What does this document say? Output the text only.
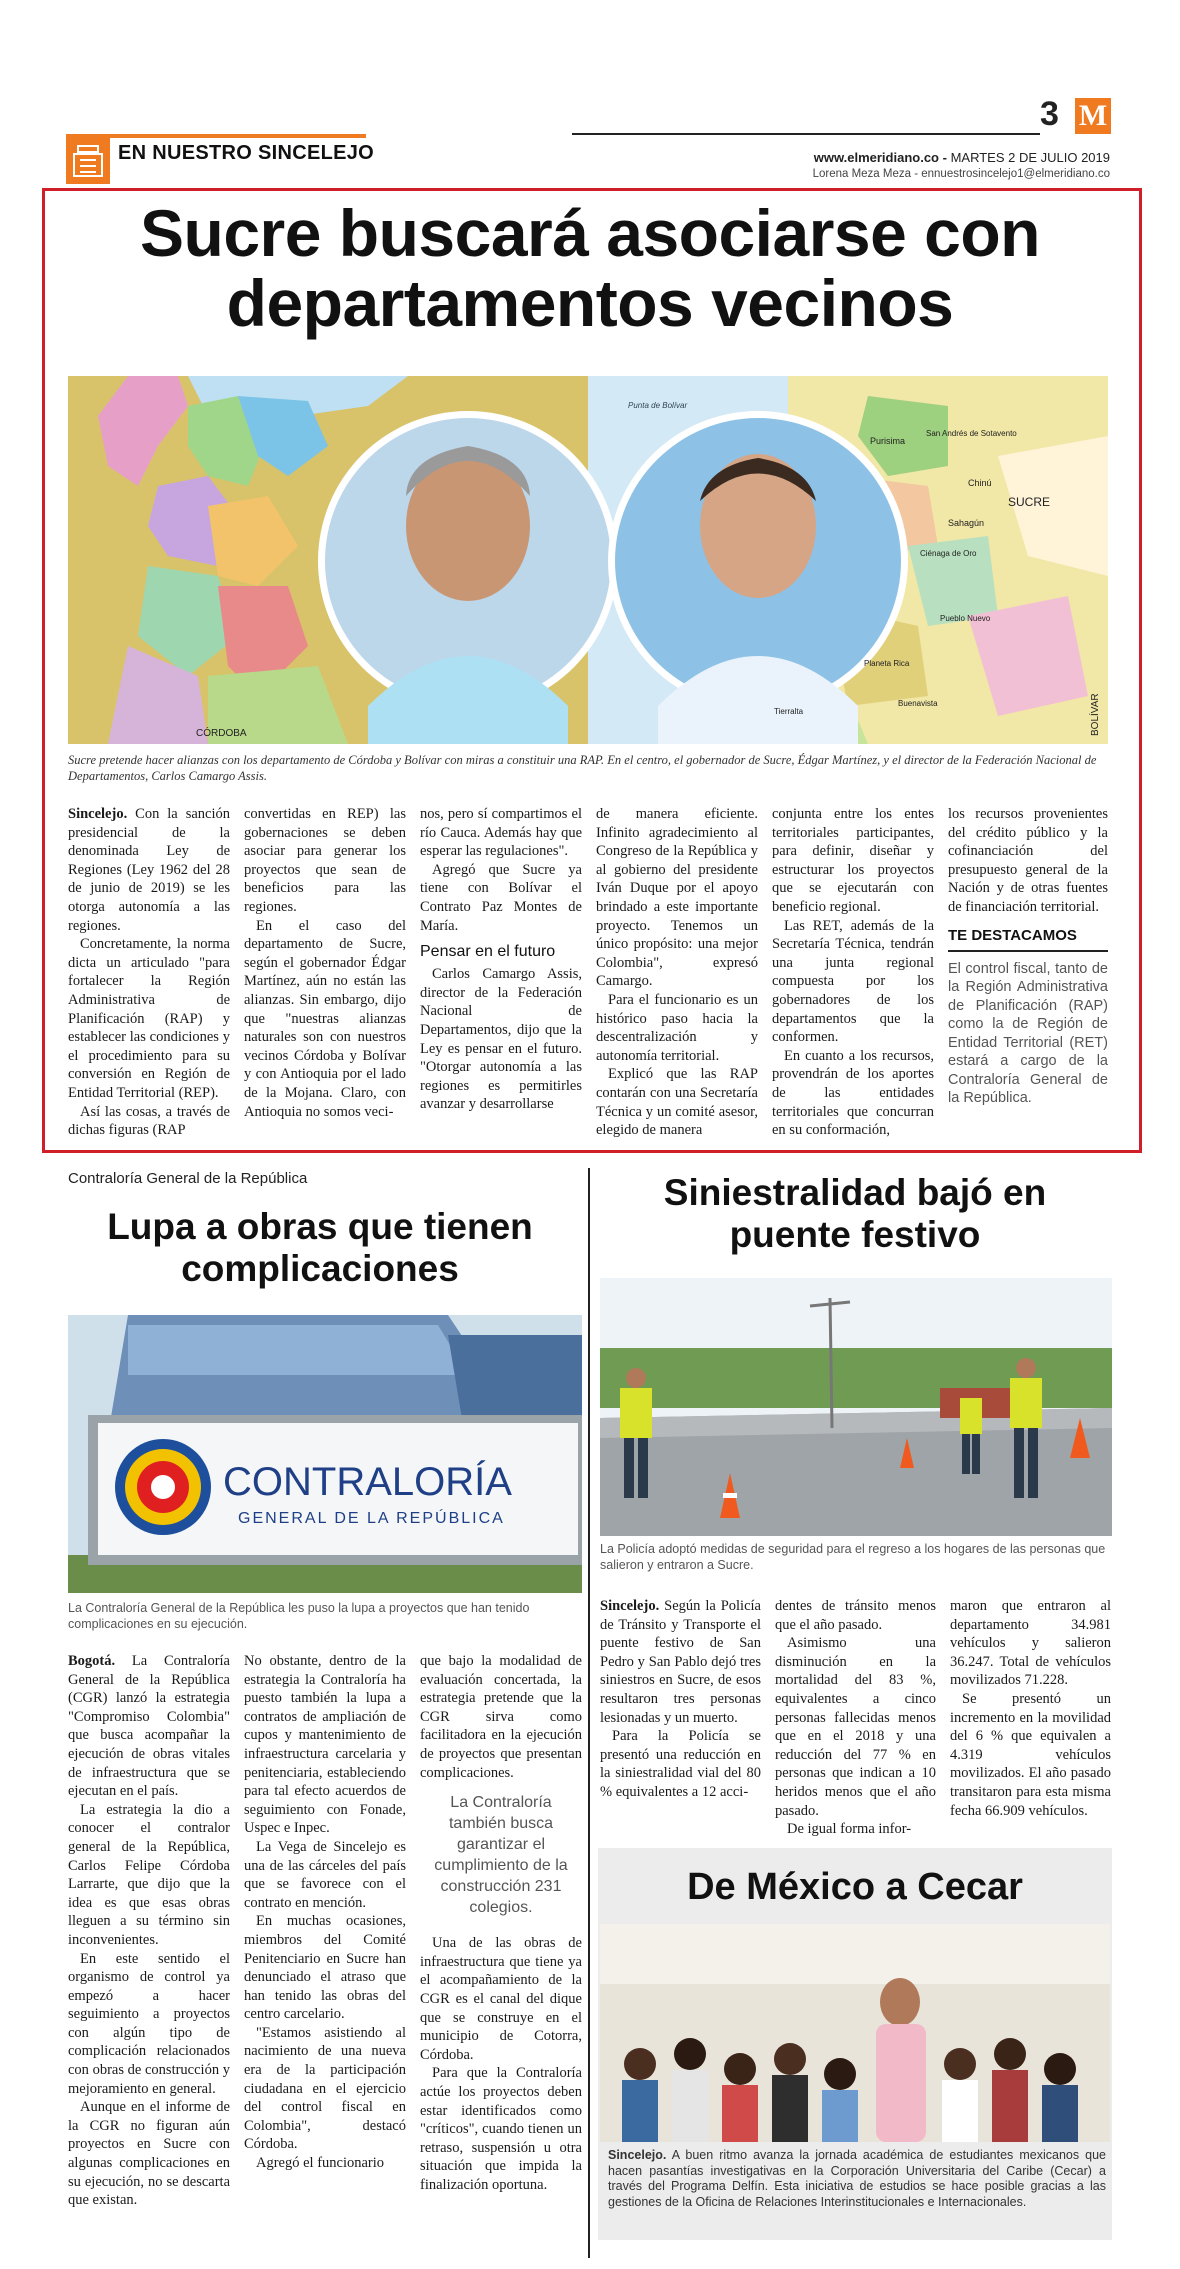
3 M
EN NUESTRO SINCELEJO	www.elmeridiano.co - MARTES 2 DE JULIO 2019
Lorena Meza Meza - ennuestrosincelejo1@elmeridiano.co
Sucre buscará asociarse con departamentos vecinos
CÓRDOBA
SUCRE
BOLÍVAR
Chinú
Sahagún
Purisima
San Andrés de Sotavento
Ciénaga de Oro
Pueblo Nuevo
Planeta Rica
Buenavista
Tierralta
Punta de Bolívar
Sucre pretende hacer alianzas con los departamento de Córdoba y Bolívar con miras a constituir una RAP. En el centro, el gobernador de Sucre, Édgar Martínez, y el director de la Federación Nacional de Departamentos, Carlos Camargo Assis.

Sincelejo. Con la sanción presidencial de la denominada Ley de Regiones (Ley 1962 del 28 de junio de 2019) se les otorga autonomía a las regiones.

Concretamente, la norma dicta un articulado "para fortalecer la Región Administrativa de Planificación (RAP) y establecer las condiciones y el procedimiento para su conversión en Región de Entidad Territorial (REP).

Así las cosas, a través de dichas figuras (RAP

convertidas en REP) las gobernaciones se deben asociar para generar los proyectos que sean de beneficios para las regiones.

En el caso del departamento de Sucre, según el gobernador Édgar Martínez, aún no están las alianzas. Sin embargo, dijo que "nuestras alianzas naturales son con nuestros vecinos Córdoba y Bolívar y con Antioquia por el lado de la Mojana. Claro, con Antioquia no somos veci-

nos, pero sí compartimos el río Cauca. Además hay que esperar las regulaciones".

Agregó que Sucre ya tiene con Bolívar el Contrato Paz Montes de María.

Pensar en el futuro

Carlos Camargo Assis, director de la Federación Nacional de Departamentos, dijo que la Ley es pensar en el futuro. "Otorgar autonomía a las regiones es permitirles avanzar y desarrollarse

de manera eficiente. Infinito agradecimiento al Congreso de la República y al gobierno del presidente Iván Duque por el apoyo brindado a este importante proyecto. Tenemos un único propósito: una mejor Colombia", expresó Camargo.

Para el funcionario es un histórico paso hacia la descentralización y autonomía territorial.

Explicó que las RAP contarán con una Secretaría Técnica y un comité asesor, elegido de manera

conjunta entre los entes territoriales participantes, para definir, diseñar y estructurar los proyectos que se ejecutarán con beneficio regional.

Las RET, además de la Secretaría Técnica, tendrán una junta regional compuesta por los gobernadores de los departamentos que la conformen.

En cuanto a los recursos, provendrán de los aportes de las entidades territoriales que concurran en su conformación,

los recursos provenientes del crédito público y la cofinanciación del presupuesto general de la Nación y de otras fuentes de financiación territorial.

TE DESTACAMOS
El control fiscal, tanto de la Región Administrativa de Planificación (RAP) como la de Región de Entidad Territorial (RET) estará a cargo de la Contraloría General de la República.
Contraloría General de la República
Lupa a obras que tienen complicaciones
CONTRALORÍA
GENERAL DE LA REPÚBLICA
La Contraloría General de la República les puso la lupa a proyectos que han tenido complicaciones en su ejecución.

Bogotá. La Contraloría General de la República (CGR) lanzó la estrategia "Compromiso Colombia" que busca acompañar la ejecución de obras vitales de infraestructura que se ejecutan en el país.

La estrategia la dio a conocer el contralor general de la República, Carlos Felipe Córdoba Larrarte, que dijo que la idea es que esas obras lleguen a su término sin inconvenientes.

En este sentido el organismo de control ya empezó a hacer seguimiento a proyectos con algún tipo de complicación relacionados con obras de construcción y mejoramiento en general.

Aunque en el informe de la CGR no figuran aún proyectos en Sucre con algunas complicaciones en su ejecución, no se descarta que existan.

No obstante, dentro de la estrategia la Contraloría ha puesto también la lupa a contratos de ampliación de cupos y mantenimiento de infraestructura carcelaria y penitenciaria, estableciendo para tal efecto acuerdos de seguimiento con Fonade, Uspec e Inpec.

La Vega de Sincelejo es una de las cárceles del país que se favorece con el contrato en mención.

En muchas ocasiones, miembros del Comité Penitenciario en Sucre han denunciado el atraso que han tenido las obras del centro carcelario.

"Estamos asistiendo al nacimiento de una nueva era de la participación ciudadana en el ejercicio del control fiscal en Colombia", destacó Córdoba.

Agregó el funcionario

que bajo la modalidad de evaluación concertada, la estrategia pretende que la CGR sirva como facilitadora en la ejecución de proyectos que presentan complicaciones.

La Contraloría también busca garantizar el cumplimiento de la construcción 231 colegios.

Una de las obras de infraestructura que tiene ya el acompañamiento de la CGR es el canal del dique que se construye en el municipio de Cotorra, Córdoba.

Para que la Contraloría actúe los proyectos deben estar identificados como "críticos", cuando tienen un retraso, suspensión u otra situación que impida la finalización oportuna.

Siniestralidad bajó en puente festivo
La Policía adoptó medidas de seguridad para el regreso a los hogares de las personas que salieron y entraron a Sucre.

Sincelejo. Según la Policía de Tránsito y Transporte el puente festivo de San Pedro y San Pablo dejó tres siniestros en Sucre, de esos resultaron tres personas lesionadas y un muerto.

Para la Policía se presentó una reducción en la siniestralidad vial del 80 % equivalentes a 12 acci-

dentes de tránsito menos que el año pasado.

Asimismo una disminución en la mortalidad del 83 %, equivalentes a cinco personas fallecidas menos que en el 2018 y una reducción del 77 % en personas que indican a 10 heridos menos que el año pasado.

De igual forma infor-

maron que entraron al departamento 34.981 vehículos y salieron 36.247. Total de vehículos movilizados 71.228.

Se presentó un incremento en la movilidad del 6 % que equivalen a 4.319 vehículos movilizados. El año pasado transitaron para esta misma fecha 66.909 vehículos.

De México a Cecar
Sincelejo. A buen ritmo avanza la jornada académica de estudiantes mexicanos que hacen pasantías investigativas en la Corporación Universitaria del Caribe (Cecar) a través del Programa Delfín. Esta iniciativa de estudios se hace posible gracias a las gestiones de la Oficina de Relaciones Interinstitucionales e Internacionales.
